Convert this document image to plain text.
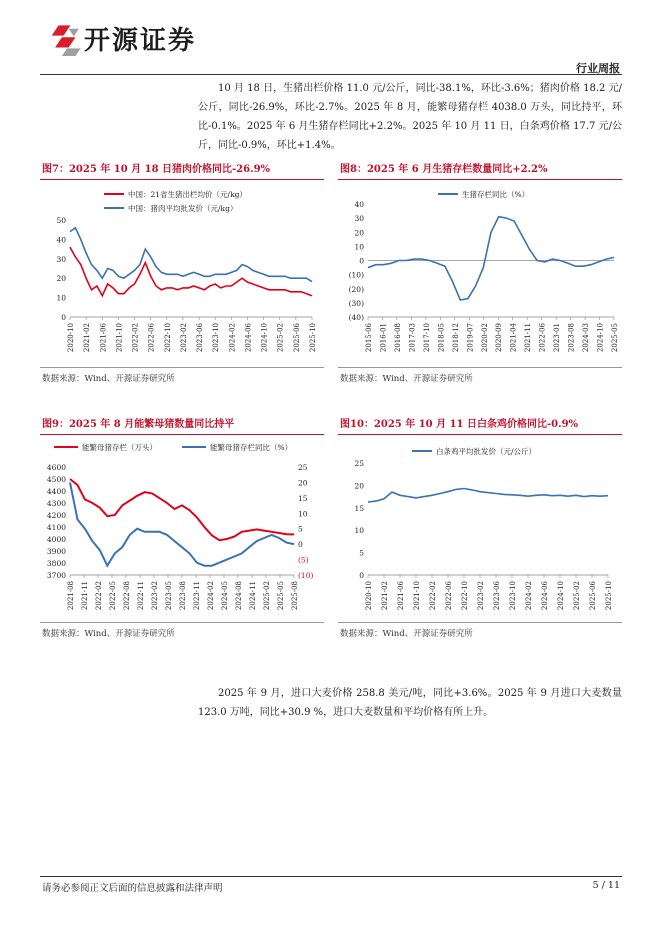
开源证券
行业周报

10 月 18 日，生猪出栏价格 11.0 元/公斤，同比-38.1%，环比-3.6%；猪肉价格 18.2 元/公斤，同比-26.9%，环比-2.7%。2025 年 8 月，能繁母猪存栏 4038.0 万头，同比持平，环比-0.1%。2025 年 6 月生猪存栏同比+2.2%。2025 年 10 月 11 日，白条鸡价格 17.7 元/公斤，同比-0.9%，环比+1.4%。

图7：2025 年 10 月 18 日猪肉价格同比-26.9%
0
10
20
30
40
50
2020-10 2021-02 2021-06 2021-10 2022-02 2022-06 2022-10 2023-02 2023-06 2023-10 2024-02 2024-06 2024-10 2025-02 2025-06 2025-10
中国：21省生猪出栏均价（元/kg）
中国：猪肉平均批发价（元/kg）
数据来源：Wind、开源证券研究所
图8：2025 年 6 月生猪存栏数量同比+2.2%
(40)
(30)
(20)
(10)
0
10
20
30
40
2015-06 2016-01 2016-08 2017-03 2017-10 2018-05 2018-12 2019-07 2020-02 2020-09 2021-04 2021-11 2022-06 2023-01 2023-08 2024-03 2024-10 2025-05
生猪存栏同比（%）
数据来源：Wind、开源证券研究所
图9：2025 年 8 月能繁母猪数量同比持平
3700
3800
3900
4000
4100
4200
4300
4400
4500
4600
(10)
(5)
0
5
10
15
20
25
2021-08 2021-11 2022-02 2022-05 2022-08 2022-11 2023-02 2023-05 2023-08 2023-11 2024-02 2024-05 2024-08 2024-11 2025-02 2025-05 2025-08
能繁母猪存栏（万头）	能繁母猪存栏同比（%）
数据来源：Wind、开源证券研究所
图10：2025 年 10 月 11 日白条鸡价格同比-0.9%
0
5
10
15
20
25
2020-10 2021-02 2021-06 2021-10 2022-02 2022-06 2022-10 2023-02 2023-06 2023-10 2024-02 2024-06 2024-10 2025-02 2025-06 2025-10
白条鸡平均批发价（元/公斤）
数据来源：Wind、开源证券研究所

2025 年 9 月，进口大麦价格 258.8 美元/吨，同比+3.6%。2025 年 9 月进口大麦数量 123.0 万吨，同比+30.9 %，进口大麦数量和平均价格有所上升。

请务必参阅正文后面的信息披露和法律声明	5 / 11
